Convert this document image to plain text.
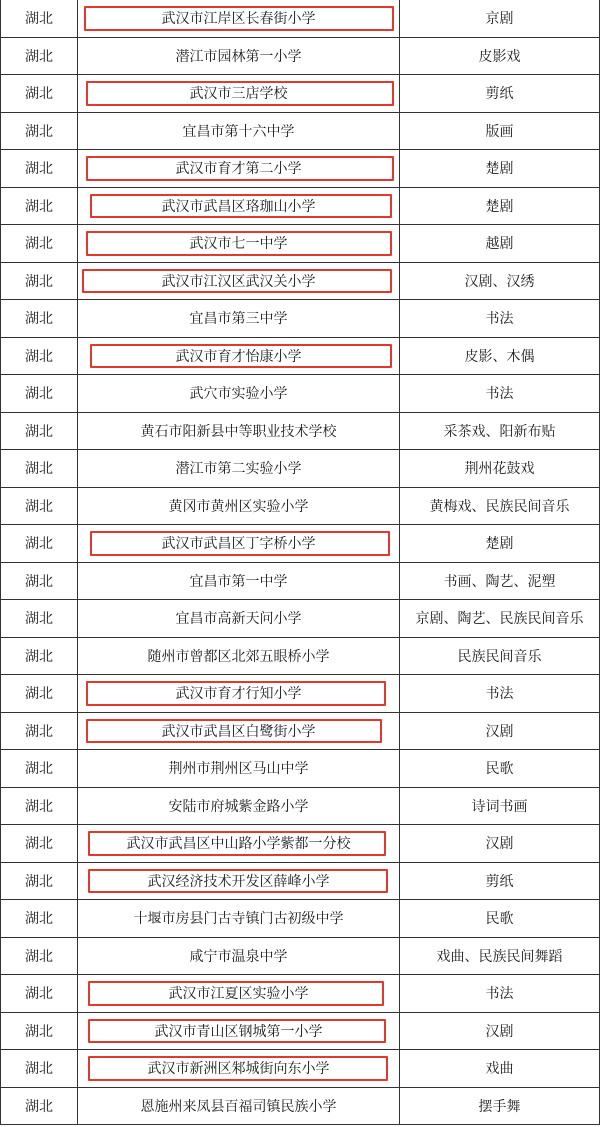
湖北	武汉市江岸区长春街小学	京剧
湖北	潜江市园林第一小学	皮影戏
湖北	武汉市三店学校	剪纸
湖北	宜昌市第十六中学	版画
湖北	武汉市育才第二小学	楚剧
湖北	武汉市武昌区珞珈山小学	楚剧
湖北	武汉市七一中学	越剧
湖北	武汉市江汉区武汉关小学	汉剧、汉绣
湖北	宜昌市第三中学	书法
湖北	武汉市育才怡康小学	皮影、木偶
湖北	武穴市实验小学	书法
湖北	黄石市阳新县中等职业技术学校	采茶戏、阳新布贴
湖北	潜江市第二实验小学	荆州花鼓戏
湖北	黄冈市黄州区实验小学	黄梅戏、民族民间音乐
湖北	武汉市武昌区丁字桥小学	楚剧
湖北	宜昌市第一中学	书画、陶艺、泥塑
湖北	宜昌市高新天问小学	京剧、陶艺、民族民间音乐
湖北	随州市曾都区北郊五眼桥小学	民族民间音乐
湖北	武汉市育才行知小学	书法
湖北	武汉市武昌区白鹭街小学	汉剧
湖北	荆州市荆州区马山中学	民歌
湖北	安陆市府城紫金路小学	诗词书画
湖北	武汉市武昌区中山路小学紫都一分校	汉剧
湖北	武汉经济技术开发区薛峰小学	剪纸
湖北	十堰市房县门古寺镇门古初级中学	民歌
湖北	咸宁市温泉中学	戏曲、民族民间舞蹈
湖北	武汉市江夏区实验小学	书法
湖北	武汉市青山区钢城第一小学	汉剧
湖北	武汉市新洲区邾城街向东小学	戏曲
湖北	恩施州来凤县百福司镇民族小学	摆手舞
